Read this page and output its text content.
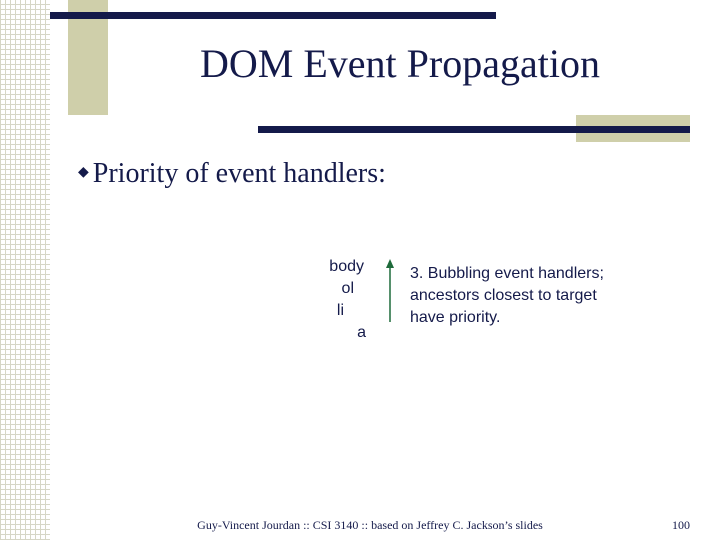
DOM Event Propagation
◆ Priority of event handlers:
body
ol
li
a
3. Bubbling event handlers; ancestors closest to target have priority.
Guy-Vincent Jourdan :: CSI 3140 :: based on Jeffrey C. Jackson’s slides	100
